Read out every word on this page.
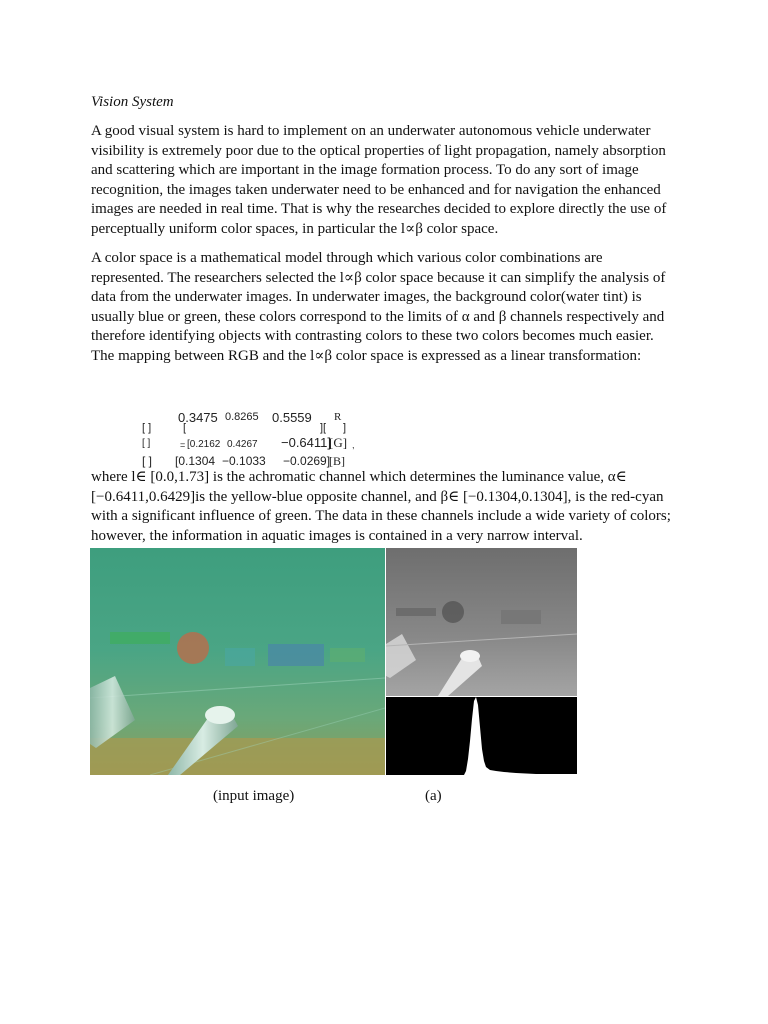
Vision System

A good visual system is hard to implement on an underwater autonomous vehicle underwater visibility is extremely poor due to the optical properties of light propagation, namely absorption and scattering which are important in the image formation process. To do any sort of image recognition, the images taken underwater need to be enhanced and for navigation the enhanced images are needed in real time. That is why the researches decided to explore directly the use of perceptually uniform color spaces, in particular the l∝β color space.

A color space is a mathematical model through which various color combinations are represented. The researchers selected the l∝β color space because it can simplify the analysis of data from the underwater images. In underwater images, the background color(water tint) is usually blue or green, these colors correspond to the limits of α and β channels respectively and therefore identifying objects with contrasting colors to these two colors becomes much easier. The mapping between RGB and the l∝β color space is expressed as a linear transformation:

0.3475 0.8265 0.5559 R
[ ]	[	][ ]
[ ]	= [0.2162 0.4267 −0.6411]
[G] ,
[ ] [0.1304 −0.1033 −0.0269]
[B]

where l∈ [0.0,1.73] is the achromatic channel which determines the luminance value, α∈ [−0.6411,0.6429]is the yellow-blue opposite channel, and β∈ [−0.1304,0.1304], is the red-cyan with a significant influence of green. The data in these channels include a wide variety of colors; however, the information in aquatic images is contained in a very narrow interval.

(input image)	(a)
